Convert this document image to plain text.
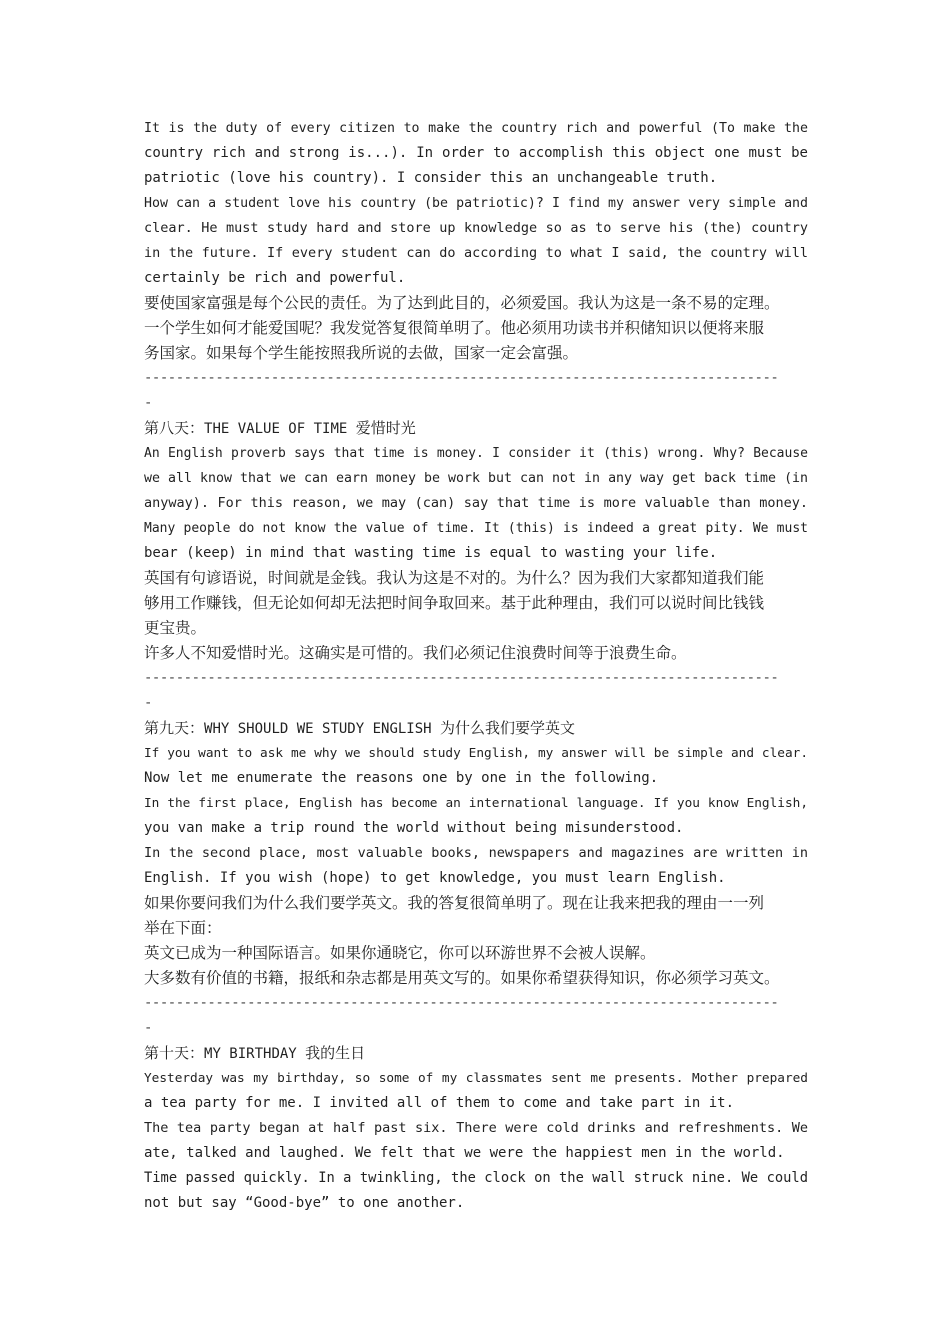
It is the duty of every citizen to make the country rich and powerful (To make the
country rich and strong is...). In order to accomplish this object one must be
patriotic (love his country). I consider this an unchangeable truth.
How can a student love his country (be patriotic)? I find my answer very simple and
clear. He must study hard and store up knowledge so as to serve his (the) country
in the future. If every student can do according to what I said, the country will
certainly be rich and powerful.
要使国家富强是每个公民的责任。为了达到此目的，必须爱国。我认为这是一条不易的定理。
一个学生如何才能爱国呢？我发觉答复很简单明了。他必须用功读书并积储知识以便将来服
务国家。如果每个学生能按照我所说的去做，国家一定会富强。
--------------------------------------------------------------------------------
-
第八天：THE VALUE OF TIME 爱惜时光
An English proverb says that time is money. I consider it (this) wrong. Why? Because
we all know that we can earn money be work but can not in any way get back time (in
anyway). For this reason, we may (can) say that time is more valuable than money.
Many people do not know the value of time. It (this) is indeed a great pity. We must
bear (keep) in mind that wasting time is equal to wasting your life.
英国有句谚语说，时间就是金钱。我认为这是不对的。为什么？因为我们大家都知道我们能
够用工作赚钱，但无论如何却无法把时间争取回来。基于此种理由，我们可以说时间比钱钱
更宝贵。
许多人不知爱惜时光。这确实是可惜的。我们必须记住浪费时间等于浪费生命。
--------------------------------------------------------------------------------
-
第九天：WHY SHOULD WE STUDY ENGLISH 为什么我们要学英文
If you want to ask me why we should study English, my answer will be simple and clear.
Now let me enumerate the reasons one by one in the following.
In the first place, English has become an international language. If you know English,
you van make a trip round the world without being misunderstood.
In the second place, most valuable books, newspapers and magazines are written in
English. If you wish (hope) to get knowledge, you must learn English.
如果你要问我们为什么我们要学英文。我的答复很简单明了。现在让我来把我的理由一一列
举在下面：
英文已成为一种国际语言。如果你通晓它，你可以环游世界不会被人误解。
大多数有价值的书籍，报纸和杂志都是用英文写的。如果你希望获得知识，你必须学习英文。
--------------------------------------------------------------------------------
-
第十天：MY BIRTHDAY 我的生日
Yesterday was my birthday, so some of my classmates sent me presents. Mother prepared
a tea party for me. I invited all of them to come and take part in it.
The tea party began at half past six. There were cold drinks and refreshments. We
ate, talked and laughed. We felt that we were the happiest men in the world.
Time passed quickly. In a twinkling, the clock on the wall struck nine. We could
not but say “Good-bye” to one another.
